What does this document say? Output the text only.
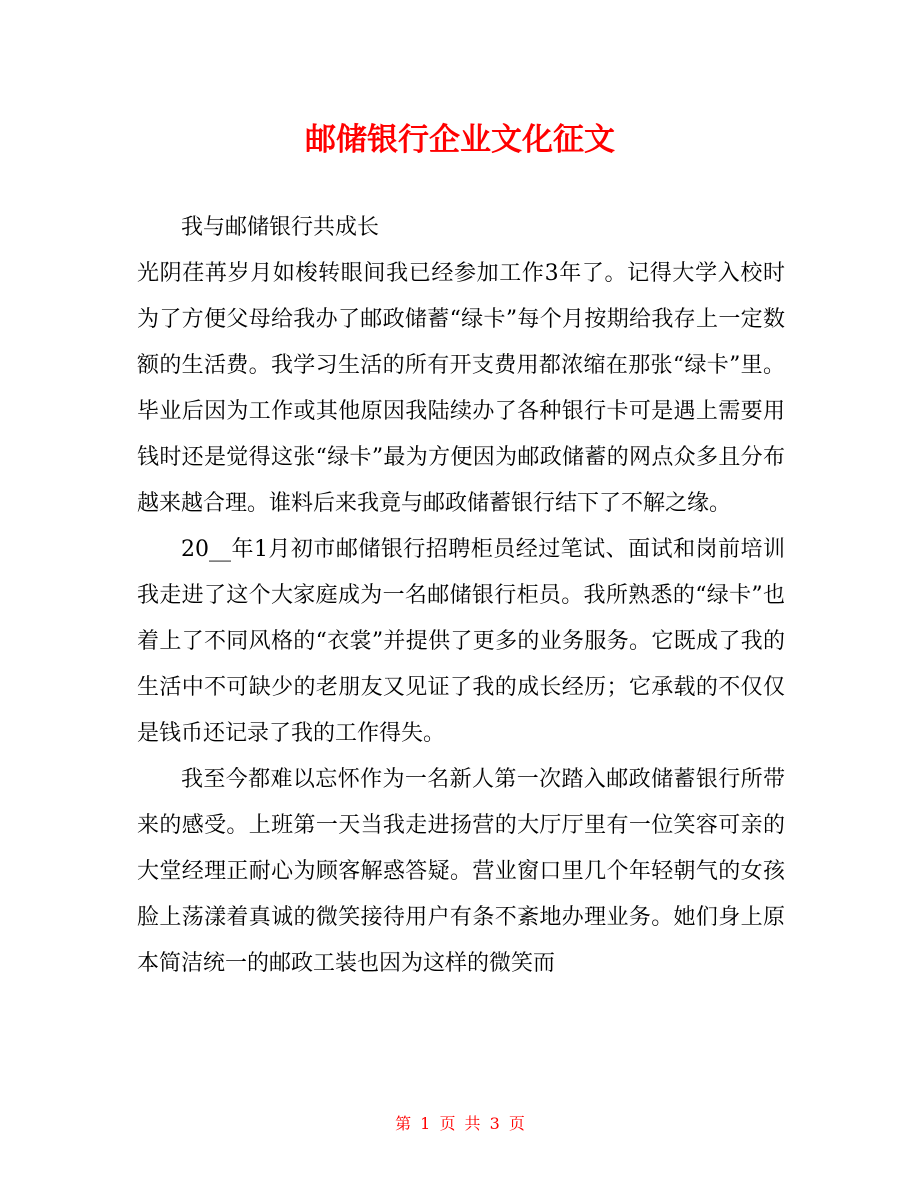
邮储银行企业文化征文

我与邮储银行共成长

光阴荏苒岁月如梭转眼间我已经参加工作3年了。记得大学入校时为了方便父母给我办了邮政储蓄“绿卡”每个月按期给我存上一定数额的生活费。我学习生活的所有开支费用都浓缩在那张“绿卡”里。毕业后因为工作或其他原因我陆续办了各种银行卡可是遇上需要用钱时还是觉得这张“绿卡”最为方便因为邮政储蓄的网点众多且分布越来越合理。谁料后来我竟与邮政储蓄银行结下了不解之缘。

20__年1月初市邮储银行招聘柜员经过笔试、面试和岗前培训我走进了这个大家庭成为一名邮储银行柜员。我所熟悉的“绿卡”也着上了不同风格的“衣裳”并提供了更多的业务服务。它既成了我的生活中不可缺少的老朋友又见证了我的成长经历；它承载的不仅仅是钱币还记录了我的工作得失。

我至今都难以忘怀作为一名新人第一次踏入邮政储蓄银行所带来的感受。上班第一天当我走进扬营的大厅厅里有一位笑容可亲的大堂经理正耐心为顾客解惑答疑。营业窗口里几个年轻朝气的女孩脸上荡漾着真诚的微笑接待用户有条不紊地办理业务。她们身上原本简洁统一的邮政工装也因为这样的微笑而

第 1 页 共 3 页
